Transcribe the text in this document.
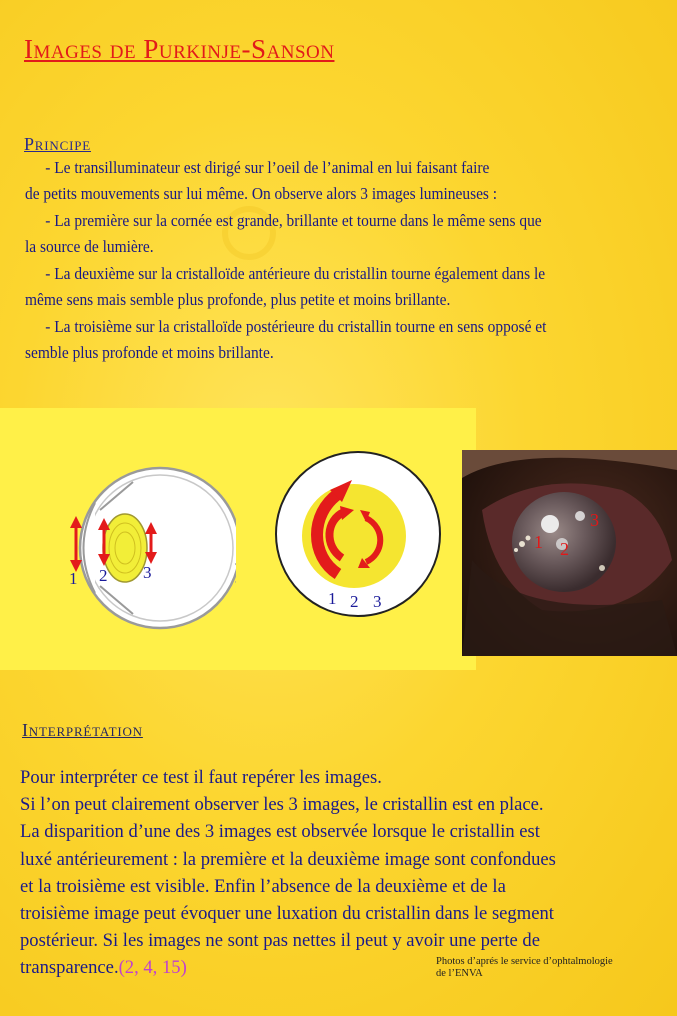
Images de Purkinje-Sanson
Principe

- Le transilluminateur est dirigé sur l’oeil de l’animal en lui faisant faire

de petits mouvements sur lui même. On observe alors 3 images lumineuses :

- La première sur la cornée est grande, brillante et tourne dans le même sens que

la source de lumière.

- La deuxième sur la cristalloïde antérieure du cristallin tourne également dans le

même sens mais semble plus profonde, plus petite et moins brillante.

- La troisième sur la cristalloïde postérieure du cristallin tourne en sens opposé et

semble plus profonde et moins brillante.

1 2 3
1 2 3
1 2
3
Interprétation

Pour interpréter ce test il faut repérer les images.

Si l’on peut clairement observer les 3 images, le cristallin est en place.

La disparition d’une des 3 images est observée lorsque le cristallin est

luxé antérieurement : la première et la deuxième image sont confondues

et la troisième est visible. Enfin l’absence de la deuxième et de la

troisième image peut évoquer une luxation du cristallin dans le segment

postérieur. Si les images ne sont pas nettes il peut y avoir une perte de

transparence.(2, 4, 15)	Photos d’aprés le service d’ophtalmologie
de l’ENVA
